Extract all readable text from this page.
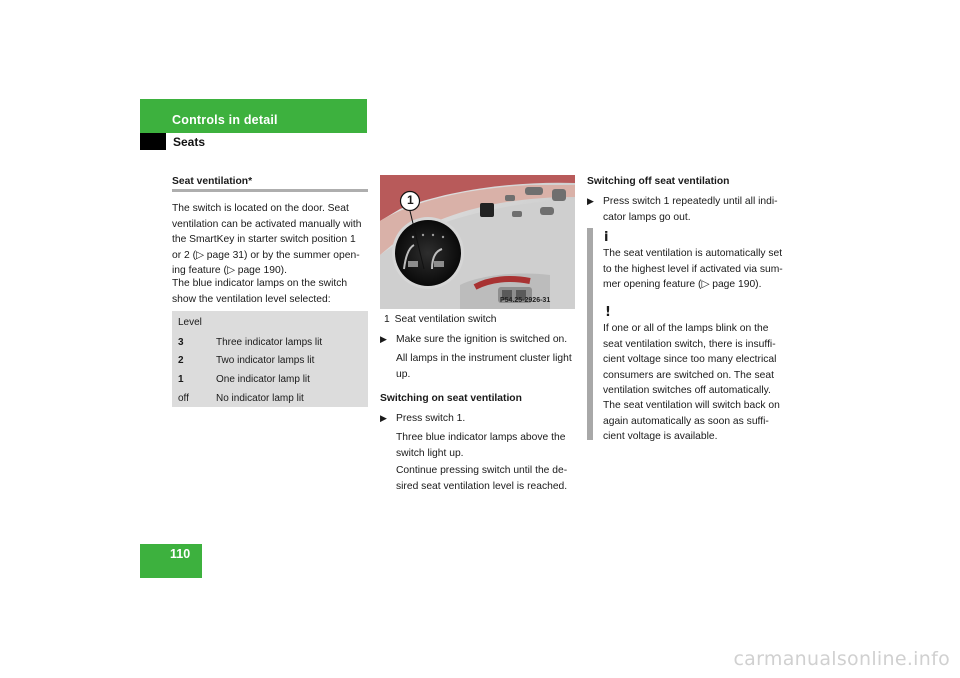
Controls in detail
Seats
Seat ventilation*
The switch is located on the door. Seat
ventilation can be activated manually with
the SmartKey in starter switch position 1
or 2 (▷ page 31) or by the summer open-
ing feature (▷ page 190).
The blue indicator lamps on the switch
show the ventilation level selected:
Level
3	Three indicator lamps lit
2	Two indicator lamps lit
1	One indicator lamp lit
off	No indicator lamp lit
1
P54.25-2926-31
1 Seat ventilation switch
▶ Make sure the ignition is switched on.
All lamps in the instrument cluster light
up.
Switching on seat ventilation
▶ Press switch 1.
Three blue indicator lamps above the
switch light up.
Continue pressing switch until the de-
sired seat ventilation level is reached.
Switching off seat ventilation
▶ Press switch 1 repeatedly until all indi-
cator lamps go out.
i
The seat ventilation is automatically set
to the highest level if activated via sum-
mer opening feature (▷ page 190).
!
If one or all of the lamps blink on the
seat ventilation switch, there is insuffi-
cient voltage since too many electrical
consumers are switched on. The seat
ventilation switches off automatically.
The seat ventilation will switch back on
again automatically as soon as suffi-
cient voltage is available.
110
carmanualsonline.info
